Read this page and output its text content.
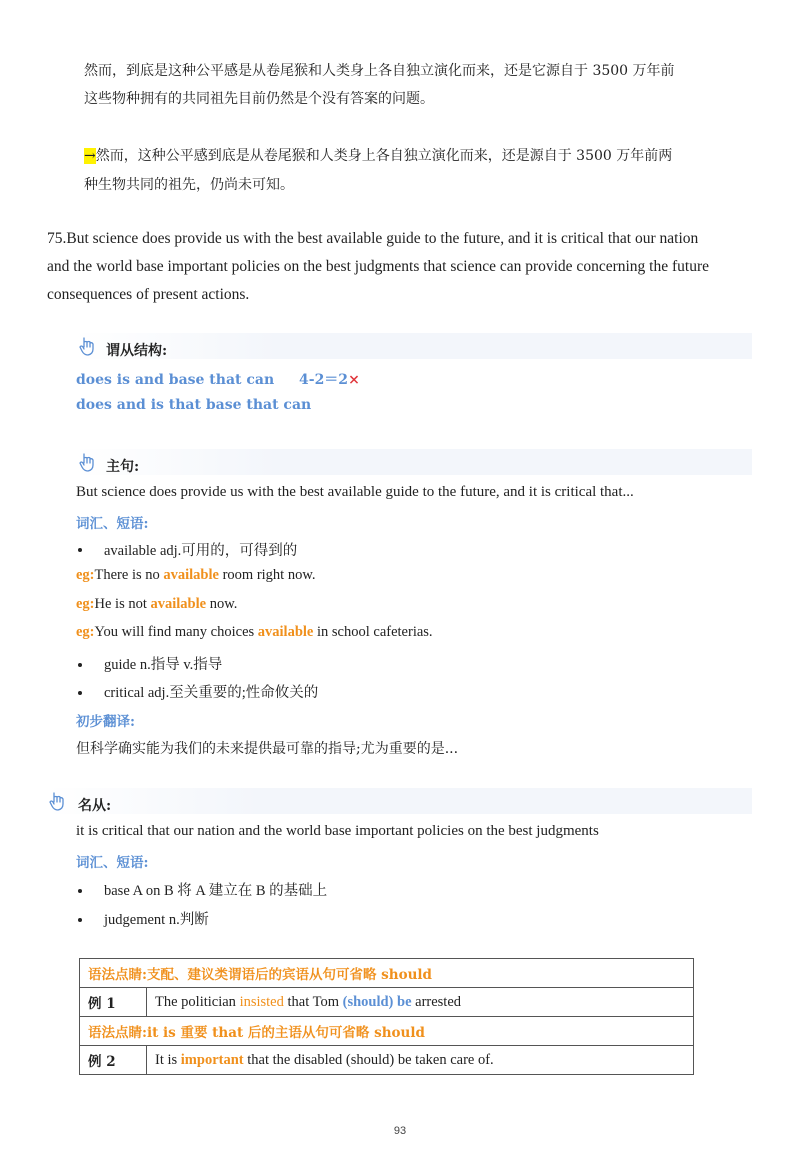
然而，到底是这种公平感是从卷尾猴和人类身上各自独立演化而来，还是它源自于 3500 万年前
这些物种拥有的共同祖先目前仍然是个没有答案的问题。
→然而，这种公平感到底是从卷尾猴和人类身上各自独立演化而来，还是源自于 3500 万年前两
种生物共同的祖先，仍尚未可知。
75.But science does provide us with the best available guide to the future, and it is critical that our nation
and the world base important policies on the best judgments that science can provide concerning the future
consequences of present actions.
谓从结构:
does is and base that can 4-2＝2×
does and is that base that can
主句:
But science does provide us with the best available guide to the future, and it is critical that...
词汇、短语:
available adj.可用的，可得到的
eg:There is no available room right now.
eg:He is not available now.
eg:You will find many choices available in school cafeterias.
guide n.指导 v.指导
critical adj.至关重要的;性命攸关的
初步翻译:
但科学确实能为我们的未来提供最可靠的指导;尤为重要的是...
名从:
it is critical that our nation and the world base important policies on the best judgments
词汇、短语:
base A on B 将 A 建立在 B 的基础上
judgement n.判断
语法点睛:支配、建议类谓语后的宾语从句可省略 should	
例 1	The politician insisted that Tom (should) be arrested
语法点睛:it is 重要 that 后的主语从句可省略 should	
例 2	It is important that the disabled (should) be taken care of.
93
